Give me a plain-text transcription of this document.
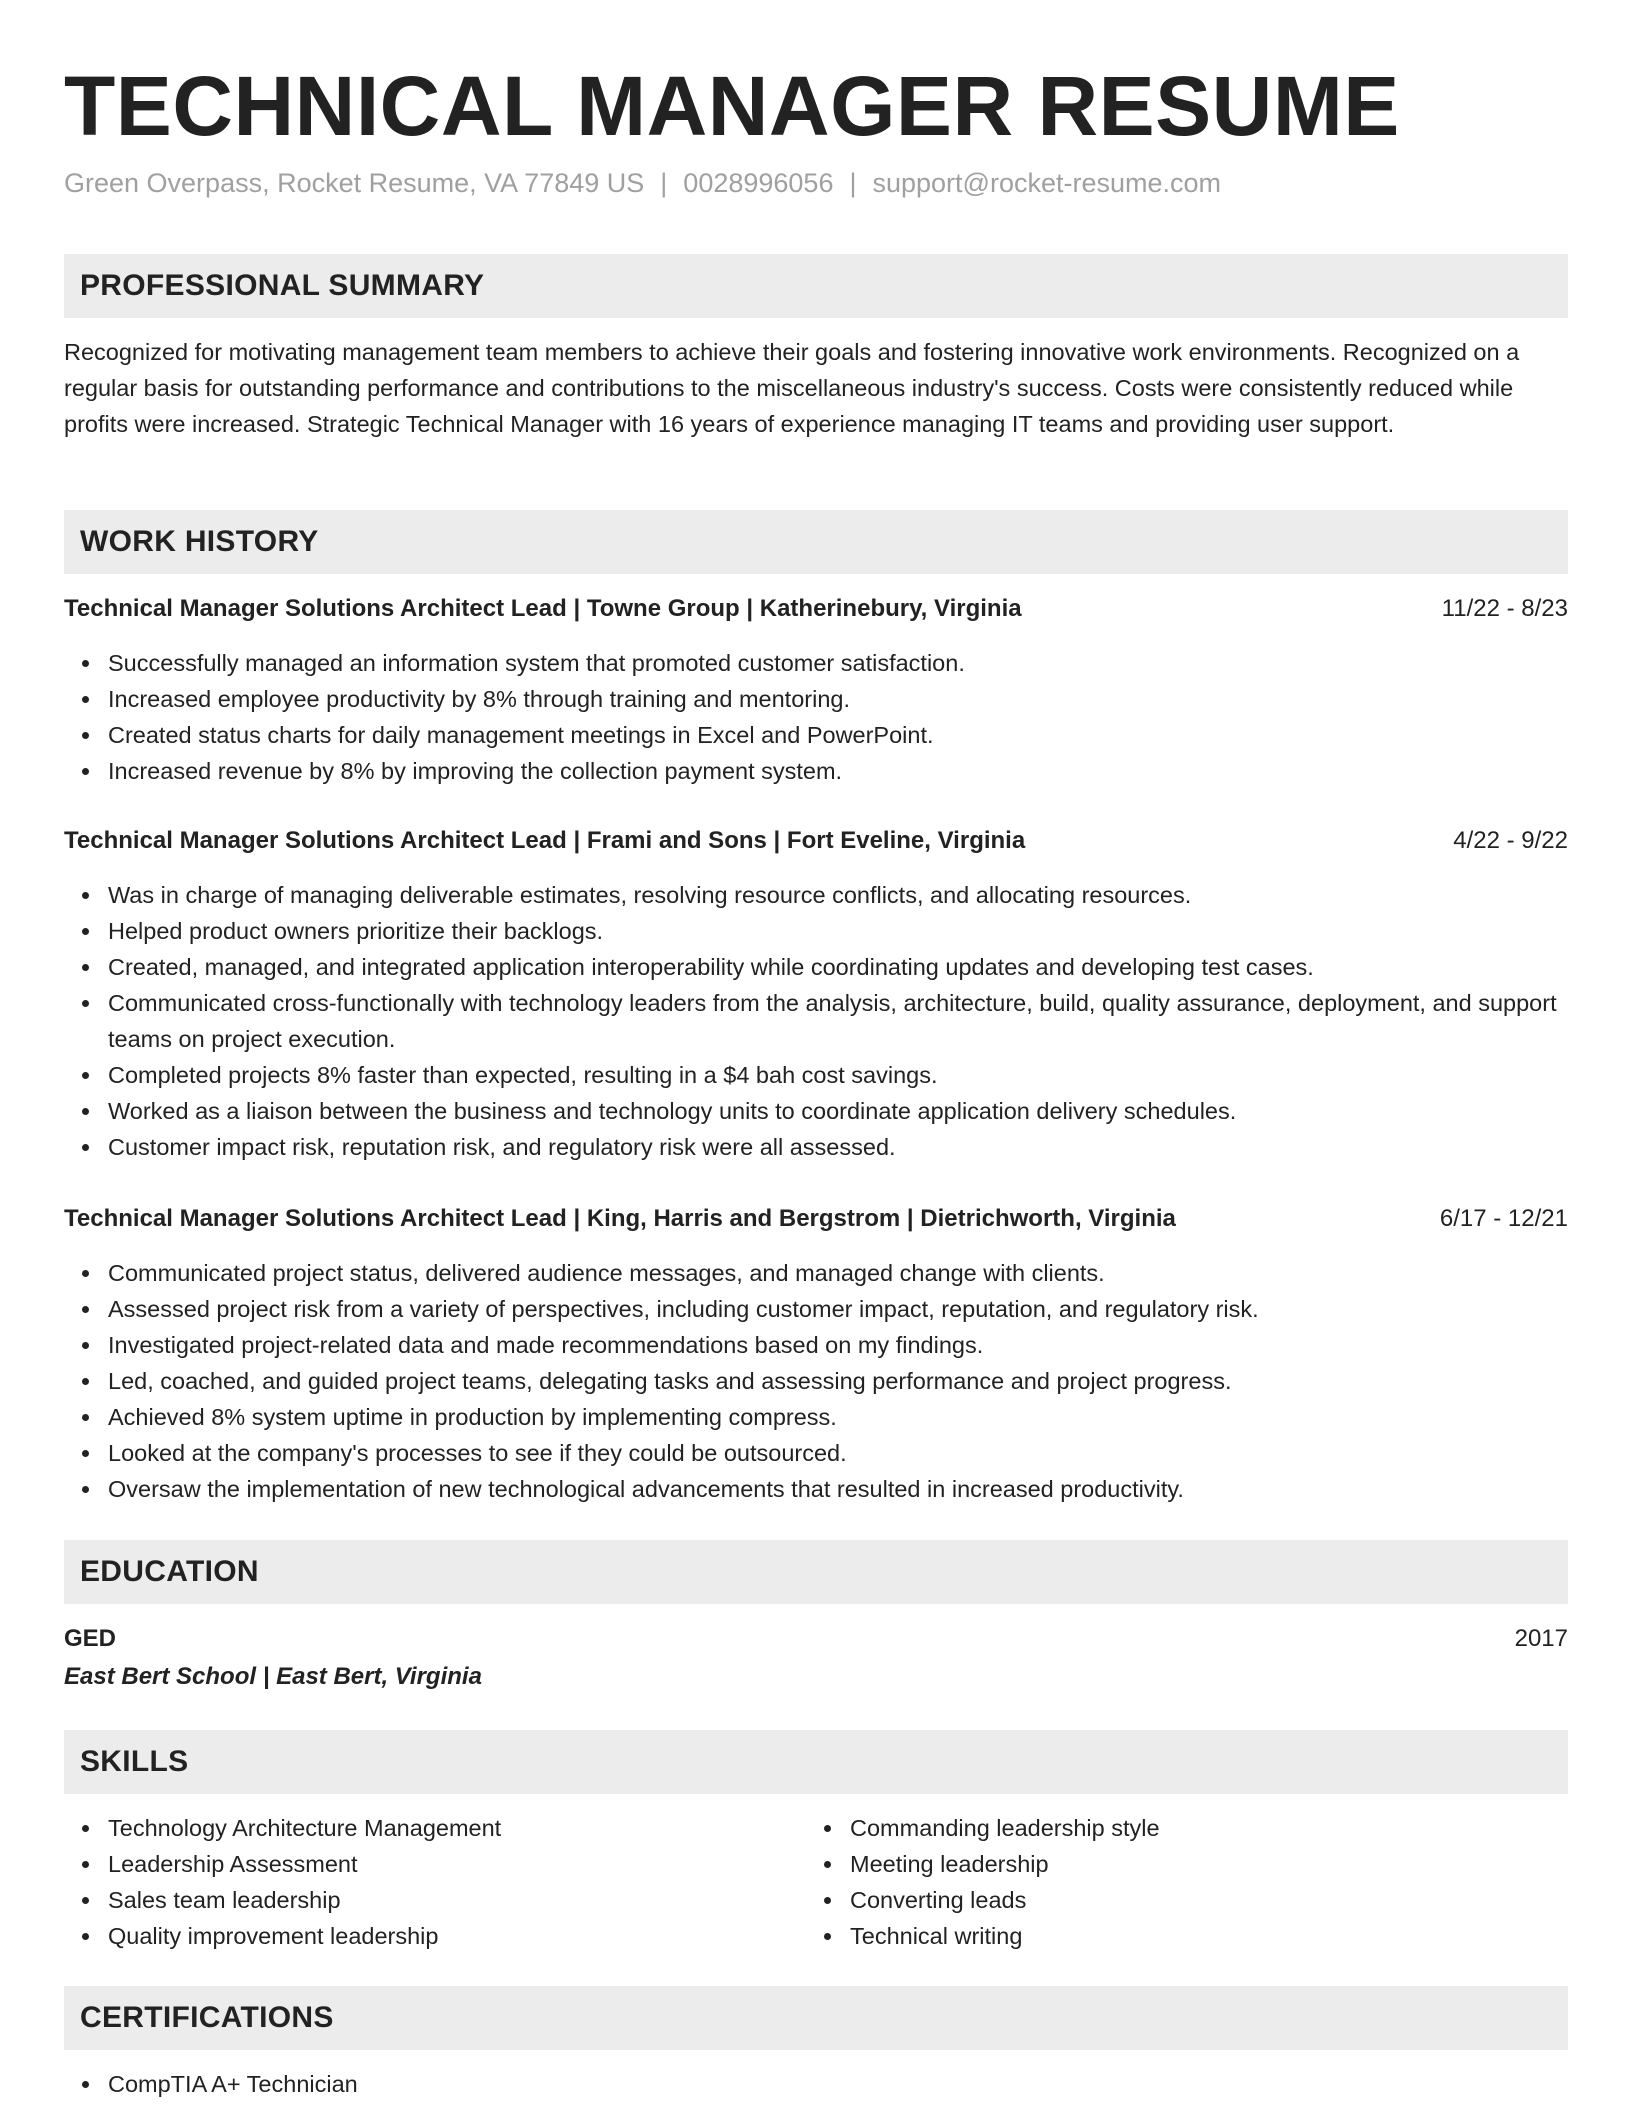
TECHNICAL MANAGER RESUME
Green Overpass, Rocket Resume, VA 77849 US | 0028996056 | support@rocket-resume.com
PROFESSIONAL SUMMARY

Recognized for motivating management team members to achieve their goals and fostering innovative work environments. Recognized on a regular basis for outstanding performance and contributions to the miscellaneous industry's success. Costs were consistently reduced while profits were increased. Strategic Technical Manager with 16 years of experience managing IT teams and providing user support.

WORK HISTORY
Technical Manager Solutions Architect Lead | Towne Group | Katherinebury, Virginia	11/22 - 8/23
Successfully managed an information system that promoted customer satisfaction.
Increased employee productivity by 8% through training and mentoring.
Created status charts for daily management meetings in Excel and PowerPoint.
Increased revenue by 8% by improving the collection payment system.
Technical Manager Solutions Architect Lead | Frami and Sons | Fort Eveline, Virginia	4/22 - 9/22
Was in charge of managing deliverable estimates, resolving resource conflicts, and allocating resources.
Helped product owners prioritize their backlogs.
Created, managed, and integrated application interoperability while coordinating updates and developing test cases.
Communicated cross-functionally with technology leaders from the analysis, architecture, build, quality assurance, deployment, and support teams on project execution.
Completed projects 8% faster than expected, resulting in a $4 bah cost savings.
Worked as a liaison between the business and technology units to coordinate application delivery schedules.
Customer impact risk, reputation risk, and regulatory risk were all assessed.
Technical Manager Solutions Architect Lead | King, Harris and Bergstrom | Dietrichworth, Virginia	6/17 - 12/21
Communicated project status, delivered audience messages, and managed change with clients.
Assessed project risk from a variety of perspectives, including customer impact, reputation, and regulatory risk.
Investigated project-related data and made recommendations based on my findings.
Led, coached, and guided project teams, delegating tasks and assessing performance and project progress.
Achieved 8% system uptime in production by implementing compress.
Looked at the company's processes to see if they could be outsourced.
Oversaw the implementation of new technological advancements that resulted in increased productivity.
EDUCATION
GED	2017
East Bert School | East Bert, Virginia
SKILLS
Technology Architecture Management
Leadership Assessment
Sales team leadership
Quality improvement leadership
Commanding leadership style
Meeting leadership
Converting leads
Technical writing
CERTIFICATIONS
CompTIA A+ Technician
